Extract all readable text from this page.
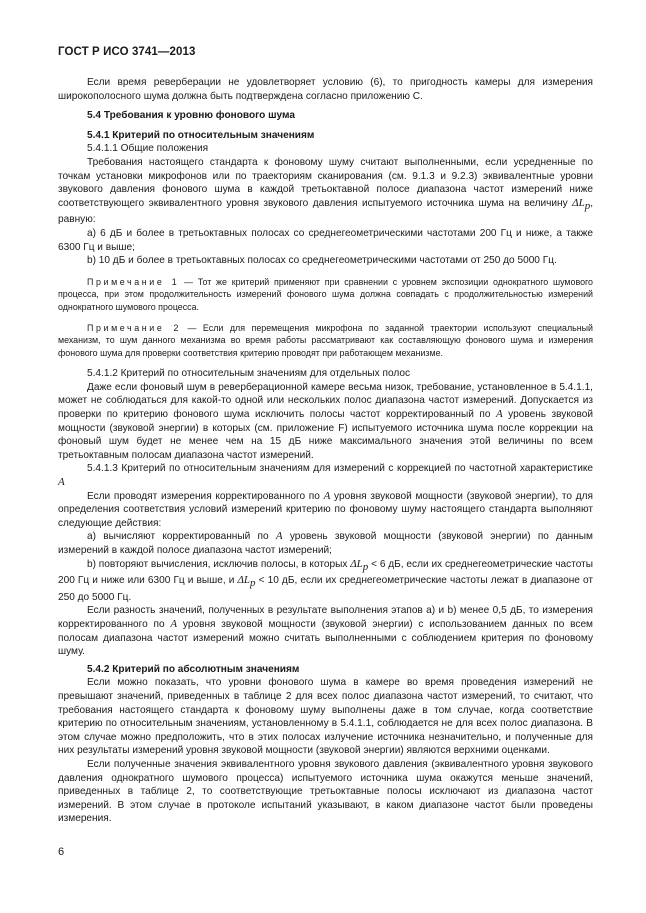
ГОСТ Р ИСО 3741—2013

Если время реверберации не удовлетворяет условию (6), то пригодность камеры для измерения широкополосного шума должна быть подтверждена согласно приложению С.

5.4 Требования к уровню фонового шума

5.4.1 Критерий по относительным значениям

5.4.1.1 Общие положения

Требования настоящего стандарта к фоновому шуму считают выполненными, если усредненные по точкам установки микрофонов или по траекториям сканирования (см. 9.1.3 и 9.2.3) эквивалентные уровни звукового давления фонового шума в каждой третьоктавной полосе диапазона частот измерений ниже соответствующего эквивалентного уровня звукового давления испытуемого источника шума на величину $\Delta L_p$, равную:

a) 6 дБ и более в третьоктавных полосах со среднегеометрическими частотами 200 Гц и ниже, а также 6300 Гц и выше;

b) 10 дБ и более в третьоктавных полосах со среднегеометрическими частотами от 250 до 5000 Гц.

Примечание 1 — Тот же критерий применяют при сравнении с уровнем экспозиции однократного шумового процесса, при этом продолжительность измерений фонового шума должна совпадать с продолжительностью измерений однократного шумового процесса.

Примечание 2 — Если для перемещения микрофона по заданной траектории используют специальный механизм, то шум данного механизма во время работы рассматривают как составляющую фонового шума и измерения фонового шума для проверки соответствия критерию проводят при работающем механизме.

5.4.1.2 Критерий по относительным значениям для отдельных полос

Даже если фоновый шум в реверберационной камере весьма низок, требование, установленное в 5.4.1.1, может не соблюдаться для какой-то одной или нескольких полос диапазона частот измерений. Допускается из проверки по критерию фонового шума исключить полосы частот корректированный по A уровень звуковой мощности (звуковой энергии) в которых (см. приложение F) испытуемого источника шума после коррекции на фоновый шум будет не менее чем на 15 дБ ниже максимального значения этой величины по всем третьоктавным полосам диапазона частот измерений.

5.4.1.3 Критерий по относительным значениям для измерений с коррекцией по частотной характеристике A

Если проводят измерения корректированного по A уровня звуковой мощности (звуковой энергии), то для определения соответствия условий измерений критерию по фоновому шуму настоящего стандарта выполняют следующие действия:

a) вычисляют корректированный по A уровень звуковой мощности (звуковой энергии) по данным измерений в каждой полосе диапазона частот измерений;

b) повторяют вычисления, исключив полосы, в которых $\Delta L_p < 6$ дБ, если их среднегеометрические частоты 200 Гц и ниже или 6300 Гц и выше, и $\Delta L_p < 10$ дБ, если их среднегеометрические частоты лежат в диапазоне от 250 до 5000 Гц.

Если разность значений, полученных в результате выполнения этапов a) и b) менее 0,5 дБ, то измерения корректированного по A уровня звуковой мощности (звуковой энергии) с использованием данных по всем полосам диапазона частот измерений можно считать выполненными с соблюдением критерия по фоновому шуму.

5.4.2 Критерий по абсолютным значениям

Если можно показать, что уровни фонового шума в камере во время проведения измерений не превышают значений, приведенных в таблице 2 для всех полос диапазона частот измерений, то считают, что требования настоящего стандарта к фоновому шуму выполнены даже в том случае, когда соответствие критерию по относительным значениям, установленному в 5.4.1.1, соблюдается не для всех полос диапазона. В этом случае можно предположить, что в этих полосах излучение источника незначительно, и полученные для них результаты измерений уровня звуковой мощности (звуковой энергии) являются верхними оценками.

Если полученные значения эквивалентного уровня звукового давления (эквивалентного уровня звукового давления однократного шумового процесса) испытуемого источника шума окажутся меньше значений, приведенных в таблице 2, то соответствующие третьоктавные полосы исключают из диапазона частот измерений. В этом случае в протоколе испытаний указывают, в каком диапазоне частот были проведены измерения.

6
